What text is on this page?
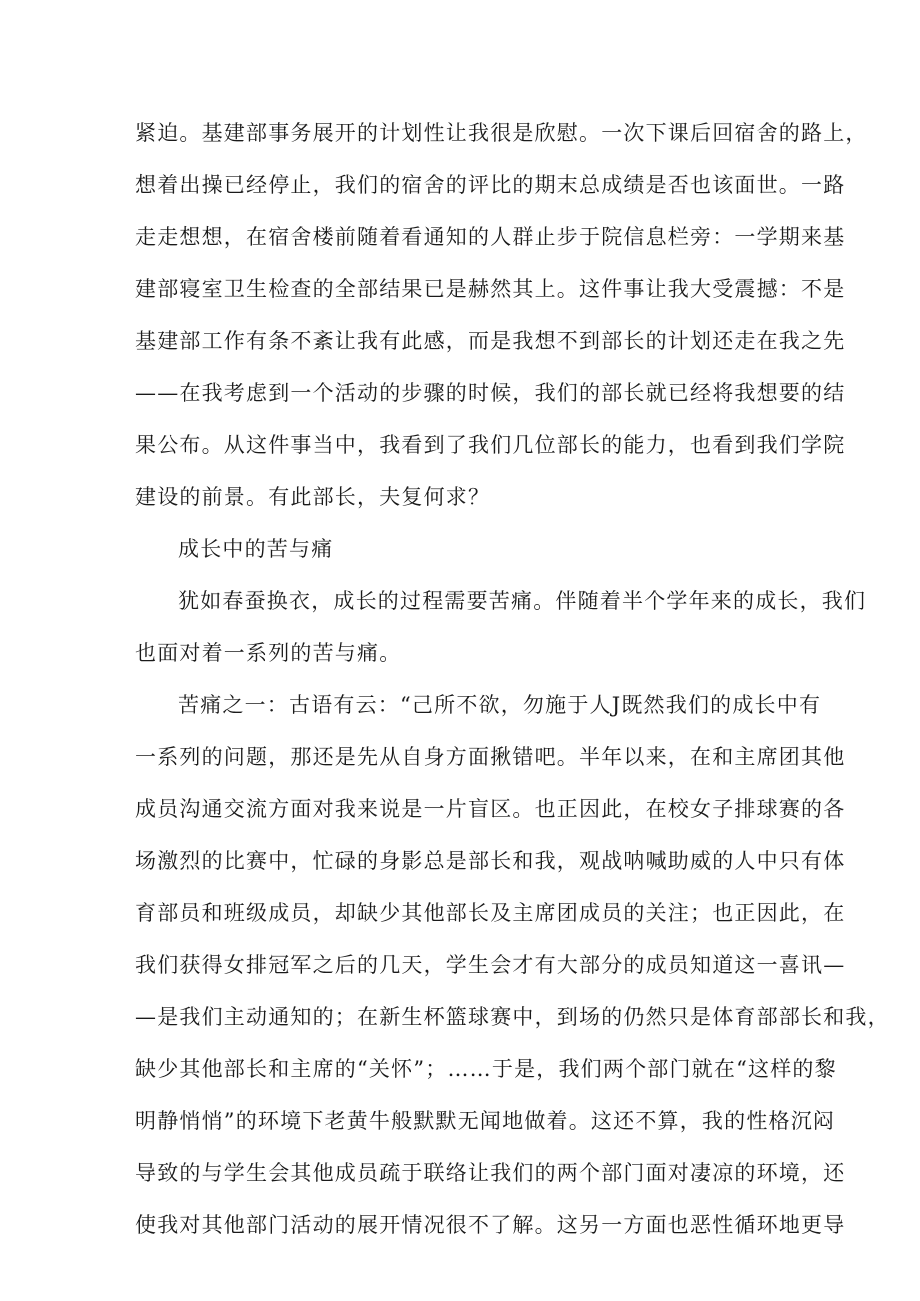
紧迫。基建部事务展开的计划性让我很是欣慰。一次下课后回宿舍的路上，
想着出操已经停止，我们的宿舍的评比的期末总成绩是否也该面世。一路
走走想想，在宿舍楼前随着看通知的人群止步于院信息栏旁：一学期来基
建部寝室卫生检查的全部结果已是赫然其上。这件事让我大受震撼：不是
基建部工作有条不紊让我有此感，而是我想不到部长的计划还走在我之先
——在我考虑到一个活动的步骤的时候，我们的部长就已经将我想要的结
果公布。从这件事当中，我看到了我们几位部长的能力，也看到我们学院
建设的前景。有此部长，夫复何求？
成长中的苦与痛
犹如春蚕换衣，成长的过程需要苦痛。伴随着半个学年来的成长，我们
也面对着一系列的苦与痛。
苦痛之一：古语有云：“己所不欲，勿施于人J既然我们的成长中有
一系列的问题，那还是先从自身方面揪错吧。半年以来，在和主席团其他
成员沟通交流方面对我来说是一片盲区。也正因此，在校女子排球赛的各
场激烈的比赛中，忙碌的身影总是部长和我，观战呐喊助威的人中只有体
育部员和班级成员，却缺少其他部长及主席团成员的关注；也正因此，在
我们获得女排冠军之后的几天，学生会才有大部分的成员知道这一喜讯—
—是我们主动通知的；在新生杯篮球赛中，到场的仍然只是体育部部长和我，
缺少其他部长和主席的“关怀”；……于是，我们两个部门就在“这样的黎
明静悄悄”的环境下老黄牛般默默无闻地做着。这还不算，我的性格沉闷
导致的与学生会其他成员疏于联络让我们的两个部门面对凄凉的环境，还
使我对其他部门活动的展开情况很不了解。这另一方面也恶性循环地更导
